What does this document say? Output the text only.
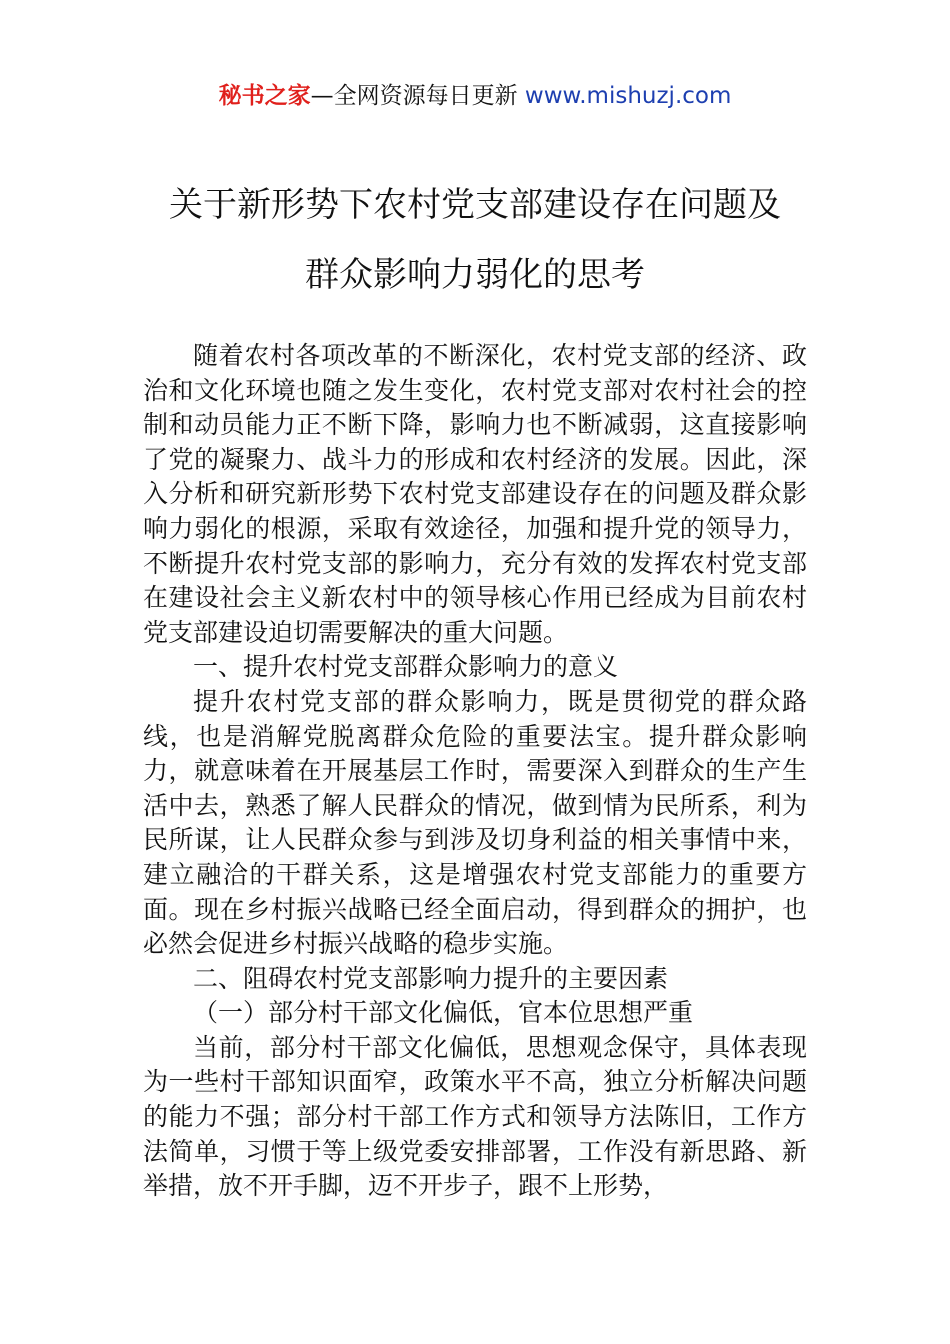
秘书之家—全网资源每日更新 www.mishuzj.com
关于新形势下农村党支部建设存在问题及
群众影响力弱化的思考

随着农村各项改革的不断深化，农村党支部的经济、政治和文化环境也随之发生变化，农村党支部对农村社会的控制和动员能力正不断下降，影响力也不断减弱，这直接影响了党的凝聚力、战斗力的形成和农村经济的发展。因此，深入分析和研究新形势下农村党支部建设存在的问题及群众影响力弱化的根源，采取有效途径，加强和提升党的领导力，不断提升农村党支部的影响力，充分有效的发挥农村党支部在建设社会主义新农村中的领导核心作用已经成为目前农村党支部建设迫切需要解决的重大问题。

一、提升农村党支部群众影响力的意义

提升农村党支部的群众影响力，既是贯彻党的群众路线，也是消解党脱离群众危险的重要法宝。提升群众影响力，就意味着在开展基层工作时，需要深入到群众的生产生活中去，熟悉了解人民群众的情况，做到情为民所系，利为民所谋，让人民群众参与到涉及切身利益的相关事情中来，建立融洽的干群关系，这是增强农村党支部能力的重要方面。现在乡村振兴战略已经全面启动，得到群众的拥护，也必然会促进乡村振兴战略的稳步实施。

二、阻碍农村党支部影响力提升的主要因素

（一）部分村干部文化偏低，官本位思想严重

当前，部分村干部文化偏低，思想观念保守，具体表现为一些村干部知识面窄，政策水平不高，独立分析解决问题的能力不强；部分村干部工作方式和领导方法陈旧，工作方法简单，习惯于等上级党委安排部署，工作没有新思路、新举措，放不开手脚，迈不开步子，跟不上形势，
